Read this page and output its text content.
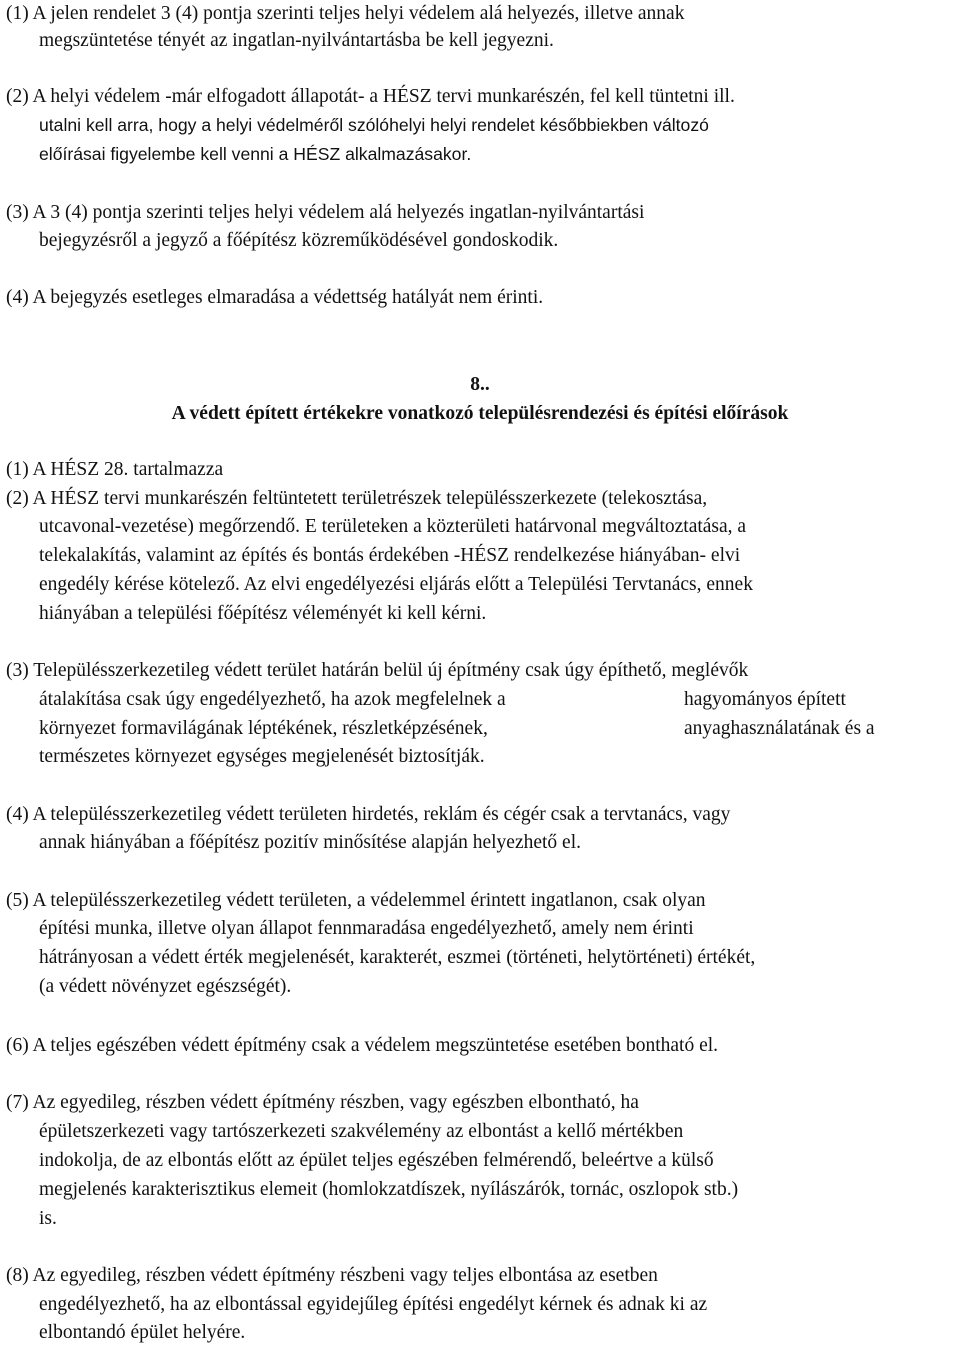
(1) A jelen rendelet 3 (4) pontja szerinti teljes helyi védelem alá helyezés, illetve annak
megszüntetése tényét az ingatlan-nyilvántartásba be kell jegyezni.
(2) A helyi védelem -már elfogadott állapotát- a HÉSZ tervi munkarészén, fel kell tüntetni ill.
utalni kell arra, hogy a helyi védelméről szólóhelyi helyi rendelet későbbiekben változó
előírásai figyelembe kell venni a HÉSZ alkalmazásakor.
(3) A 3 (4) pontja szerinti teljes helyi védelem alá helyezés ingatlan-nyilvántartási
bejegyzésről a jegyző a főépítész közreműködésével gondoskodik.
(4) A bejegyzés esetleges elmaradása a védettség hatályát nem érinti.
8..
A védett épített értékekre vonatkozó településrendezési és építési előírások
(1) A HÉSZ 28. tartalmazza
(2) A HÉSZ tervi munkarészén feltüntetett területrészek településszerkezete (telekosztása,
utcavonal-vezetése) megőrzendő. E területeken a közterületi határvonal megváltoztatása, a
telekalakítás, valamint az építés és bontás érdekében -HÉSZ rendelkezése hiányában- elvi
engedély kérése kötelező. Az elvi engedélyezési eljárás előtt a Települési Tervtanács, ennek
hiányában a települési főépítész véleményét ki kell kérni.
(3) Településszerkezetileg védett terület határán belül új építmény csak úgy építhető, meglévők
átalakítása csak úgy engedélyezhető, ha azok megfelelnek a	hagyományos épített
környezet formavilágának léptékének, részletképzésének,	anyaghasználatának és a
természetes környezet egységes megjelenését biztosítják.
(4) A településszerkezetileg védett területen hirdetés, reklám és cégér csak a tervtanács, vagy
annak hiányában a főépítész pozitív minősítése alapján helyezhető el.
(5) A településszerkezetileg védett területen, a védelemmel érintett ingatlanon, csak olyan
építési munka, illetve olyan állapot fennmaradása engedélyezhető, amely nem érinti
hátrányosan a védett érték megjelenését, karakterét, eszmei (történeti, helytörténeti) értékét,
(a védett növényzet egészségét).
(6) A teljes egészében védett építmény csak a védelem megszüntetése esetében bontható el.
(7) Az egyedileg, részben védett építmény részben, vagy egészben elbontható, ha
épületszerkezeti vagy tartószerkezeti szakvélemény az elbontást a kellő mértékben
indokolja, de az elbontás előtt az épület teljes egészében felmérendő, beleértve a külső
megjelenés karakterisztikus elemeit (homlokzatdíszek, nyílászárók, tornác, oszlopok stb.)
is.
(8) Az egyedileg, részben védett építmény részbeni vagy teljes elbontása az esetben
engedélyezhető, ha az elbontással egyidejűleg építési engedélyt kérnek és adnak ki az
elbontandó épület helyére.
